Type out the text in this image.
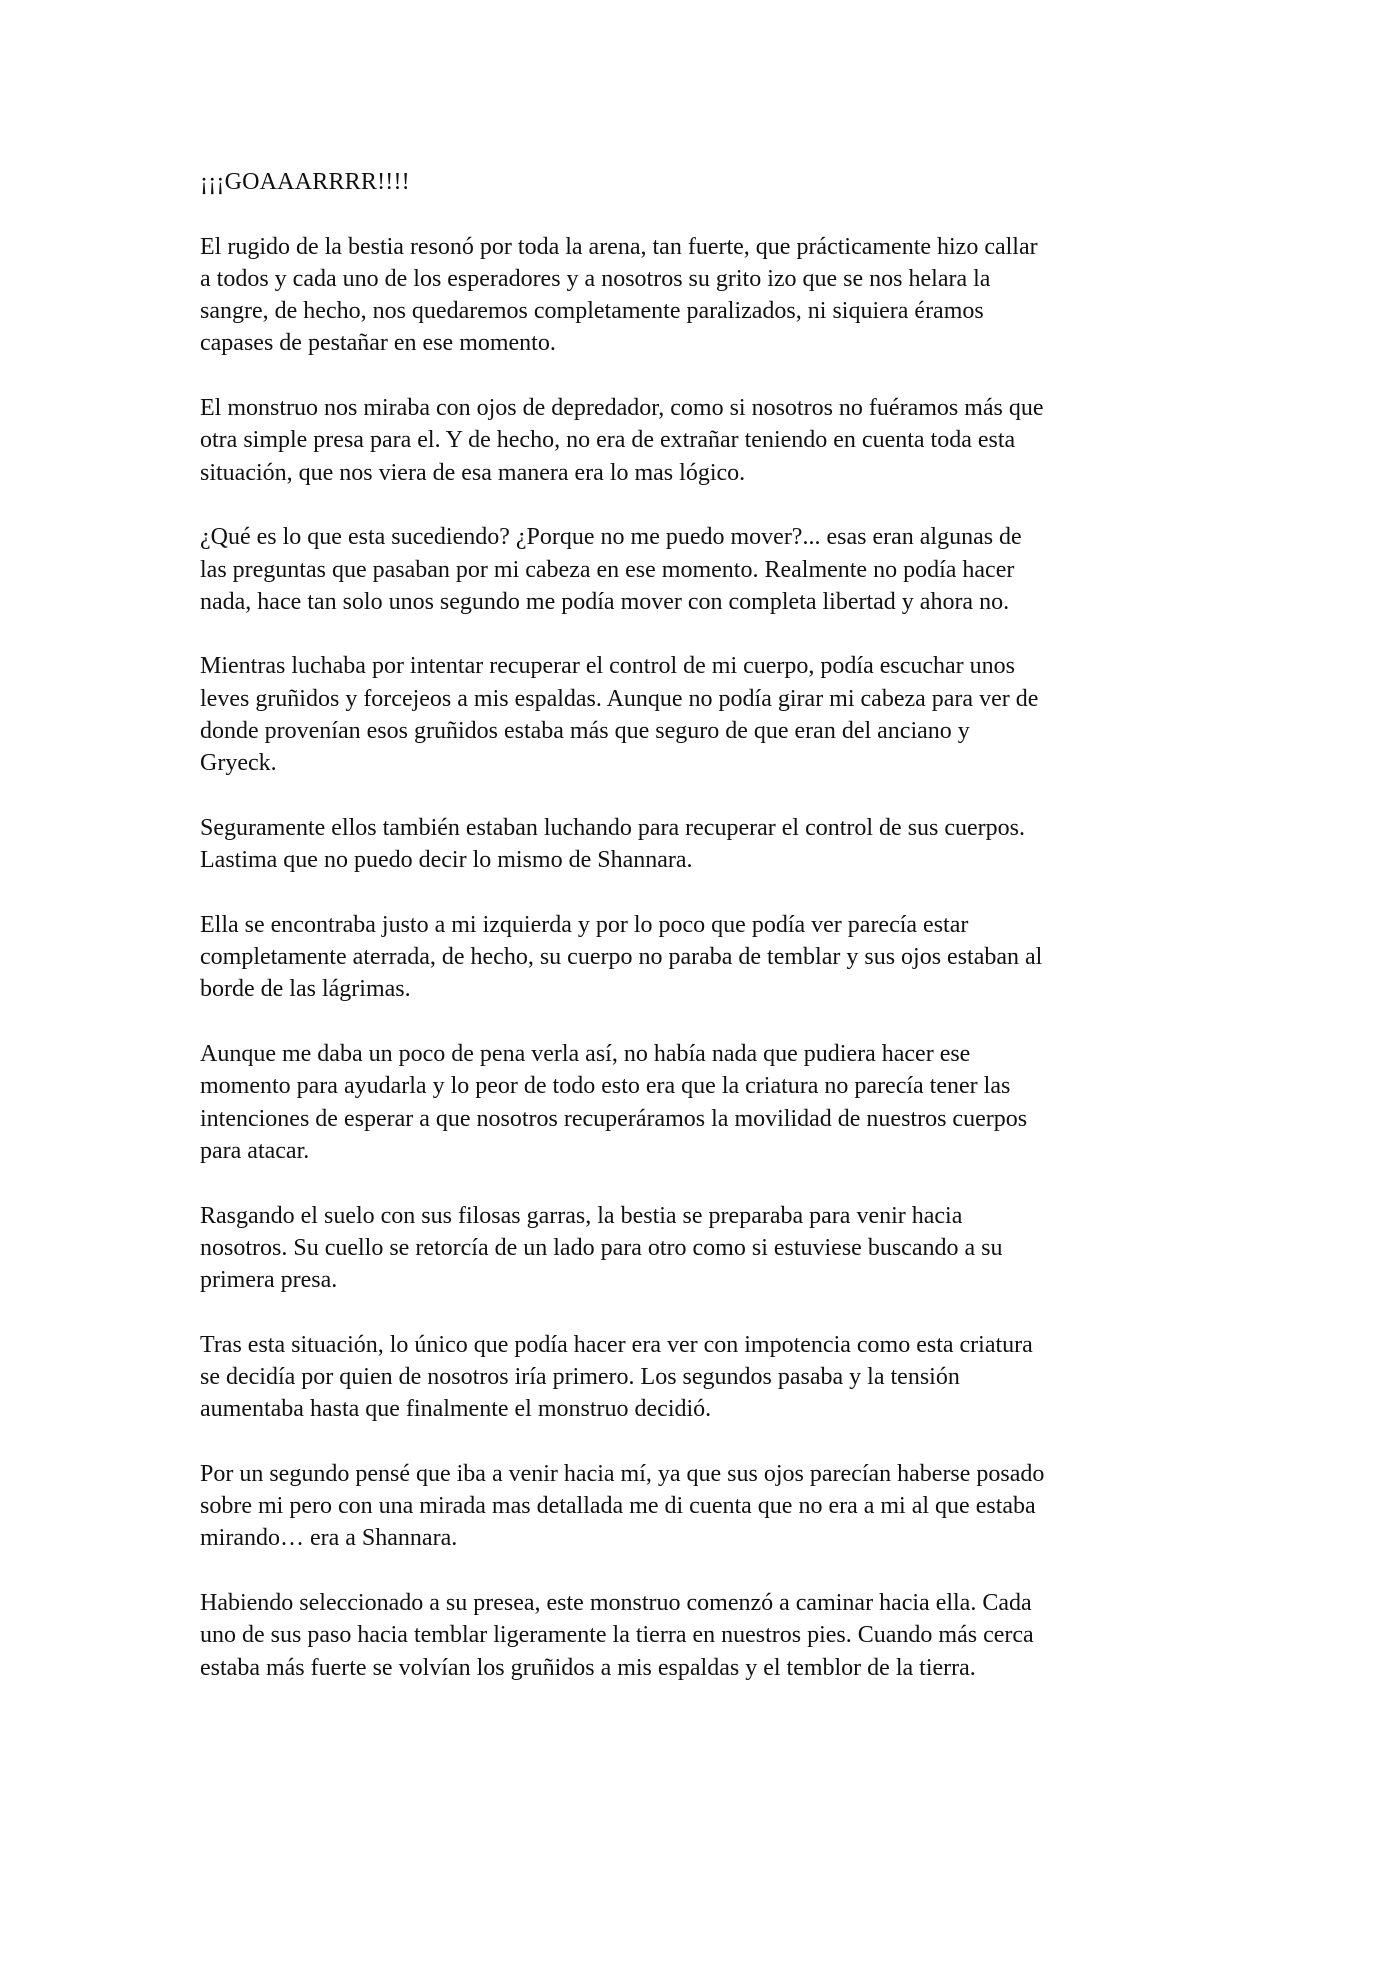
¡¡¡GOAAARRRR!!!!

El rugido de la bestia resonó por toda la arena, tan fuerte, que prácticamente hizo callar
a todos y cada uno de los esperadores y a nosotros su grito izo que se nos helara la
sangre, de hecho, nos quedaremos completamente paralizados, ni siquiera éramos
capases de pestañar en ese momento.

El monstruo nos miraba con ojos de depredador, como si nosotros no fuéramos más que
otra simple presa para el. Y de hecho, no era de extrañar teniendo en cuenta toda esta
situación, que nos viera de esa manera era lo mas lógico.

¿Qué es lo que esta sucediendo? ¿Porque no me puedo mover?... esas eran algunas de
las preguntas que pasaban por mi cabeza en ese momento. Realmente no podía hacer
nada, hace tan solo unos segundo me podía mover con completa libertad y ahora no.

Mientras luchaba por intentar recuperar el control de mi cuerpo, podía escuchar unos
leves gruñidos y forcejeos a mis espaldas. Aunque no podía girar mi cabeza para ver de
donde provenían esos gruñidos estaba más que seguro de que eran del anciano y
Gryeck.

Seguramente ellos también estaban luchando para recuperar el control de sus cuerpos.
Lastima que no puedo decir lo mismo de Shannara.

Ella se encontraba justo a mi izquierda y por lo poco que podía ver parecía estar
completamente aterrada, de hecho, su cuerpo no paraba de temblar y sus ojos estaban al
borde de las lágrimas.

Aunque me daba un poco de pena verla así, no había nada que pudiera hacer ese
momento para ayudarla y lo peor de todo esto era que la criatura no parecía tener las
intenciones de esperar a que nosotros recuperáramos la movilidad de nuestros cuerpos
para atacar.

Rasgando el suelo con sus filosas garras, la bestia se preparaba para venir hacia
nosotros. Su cuello se retorcía de un lado para otro como si estuviese buscando a su
primera presa.

Tras esta situación, lo único que podía hacer era ver con impotencia como esta criatura
se decidía por quien de nosotros iría primero. Los segundos pasaba y la tensión
aumentaba hasta que finalmente el monstruo decidió.

Por un segundo pensé que iba a venir hacia mí, ya que sus ojos parecían haberse posado
sobre mi pero con una mirada mas detallada me di cuenta que no era a mi al que estaba
mirando… era a Shannara.

Habiendo seleccionado a su presea, este monstruo comenzó a caminar hacia ella. Cada
uno de sus paso hacia temblar ligeramente la tierra en nuestros pies. Cuando más cerca
estaba más fuerte se volvían los gruñidos a mis espaldas y el temblor de la tierra.
